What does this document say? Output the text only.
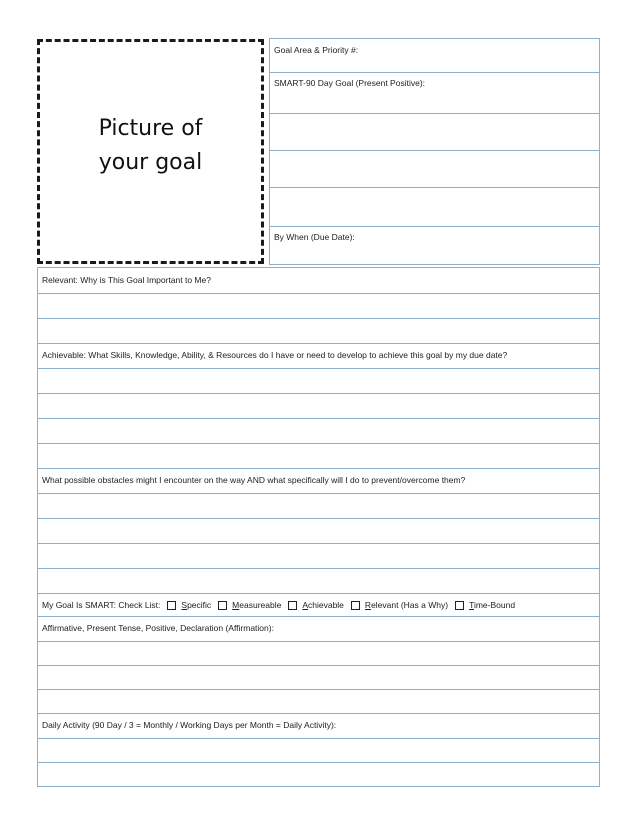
Picture of
your goal
Goal Area & Priority #:
SMART-90 Day Goal (Present Positive):
By When (Due Date):
Relevant: Why is This Goal Important to Me?
Achievable: What Skills, Knowledge, Ability, & Resources do I have or need to develop to achieve this goal by my due date?
What possible obstacles might I encounter on the way AND what specifically will I do to prevent/overcome them?
My Goal Is SMART: Check List: Specific Measureable Achievable Relevant (Has a Why) Time-Bound
Affirmative, Present Tense, Positive, Declaration (Affirmation):
Daily Activity (90 Day / 3 = Monthly / Working Days per Month = Daily Activity):
